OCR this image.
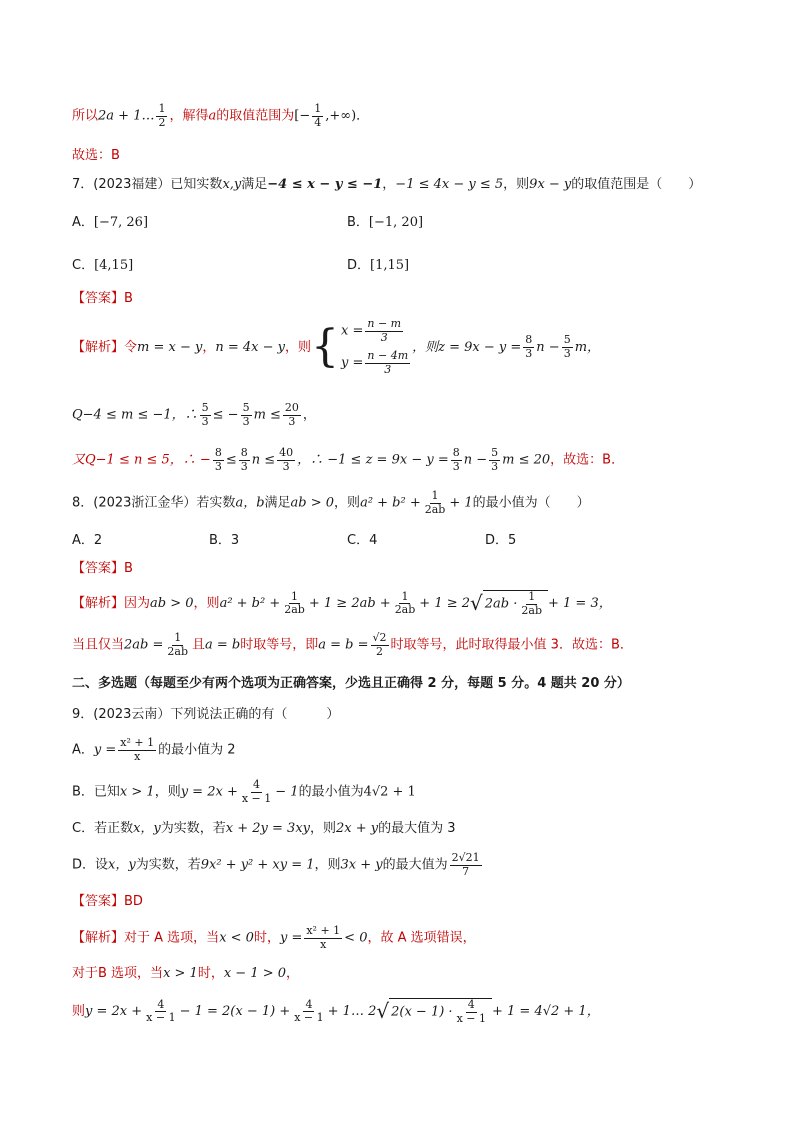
所以2a + 1… $\frac{1}{2}$ ，解得a的取值范围为[− $\frac{1}{4}$ ,+∞)．
故选：B
7．(2023福建）已知实数x,y满足−4 ≤ x − y ≤ −1，−1 ≤ 4x − y ≤ 5，则9x − y的取值范围是（　　）
A．[−7, 26]	B．[−1, 20]
C．[4,15]	D．[1,15]
【答案】B
【解析】令m = x − y，n = 4x − y，则 { $x = \frac{n - m}{3}$
$y = \frac{n - 4m}{3}$
，则$z = 9x - y = \frac{8}{3}$ $n - \frac{5}{3}$ m，
Q−4 ≤ m ≤ −1，∴ $\frac{5}{3}$ ≤ − $\frac{5}{3}$ $m \le \frac{20}{3}$ ，
又Q−1 ≤ n ≤ 5，∴ − $\frac{8}{3} \le \frac{8}{3}$ $n \le \frac{40}{3}$ ，∴ $-1 \le z = 9x - y = \frac{8}{3}$ $n - \frac{5}{3}$ m ≤ 20，故选：B．
8．(2023浙江金华）若实数a，b满足ab > 0，则$a^2 + b^2 + \frac{1}{2ab} + 1$的最小值为（　　）
A．2	B．3	C．4	D．5
【答案】B
【解析】因为ab > 0，则$a^2 + b^2 + \frac{1}{2ab} + 1 \ge 2ab + \frac{1}{2ab} + 1 \ge 2√$ $2ab \cdot \frac{1}{2ab} + 1 = 3$，
当且仅当$2ab = \frac{1}{2ab}$ 且a = b时取等号，即$a = b = \frac{√2}{2}$ 时取等号，此时取得最小值 3．故选：B．
二、多选题（每题至少有两个选项为正确答案，少选且正确得 2 分，每题 5 分。4 题共 20 分）
9．(2023云南）下列说法正确的有（　　　）
A．$y = \frac{\text{x² + 1}}{x}$ 的最小值为 2
B．已知x > 1，则$y = 2x + \frac{4}{x - 1} - 1$的最小值为4√2 + 1
C．若正数x，y为实数，若x + 2y = 3xy，则2x + y的最大值为 3
D．设x，y为实数，若9x² + y² + xy = 1，则3x + y的最大值为 $\frac{2√21}{7}$
【答案】BD
【解析】对于 A 选项，当x < 0时，$y = \frac{\text{x² + 1}}{x} < 0$，故 A 选项错误，
对于B 选项，当x > 1时，x − 1 > 0，
则$y = 2x + \frac{4}{x - 1} - 1 = 2(x - 1) + \frac{4}{x - 1}$ + 1… 2√ $2(x - 1) \cdot \frac{4}{x - 1} + 1 = 4√2 + 1$，
